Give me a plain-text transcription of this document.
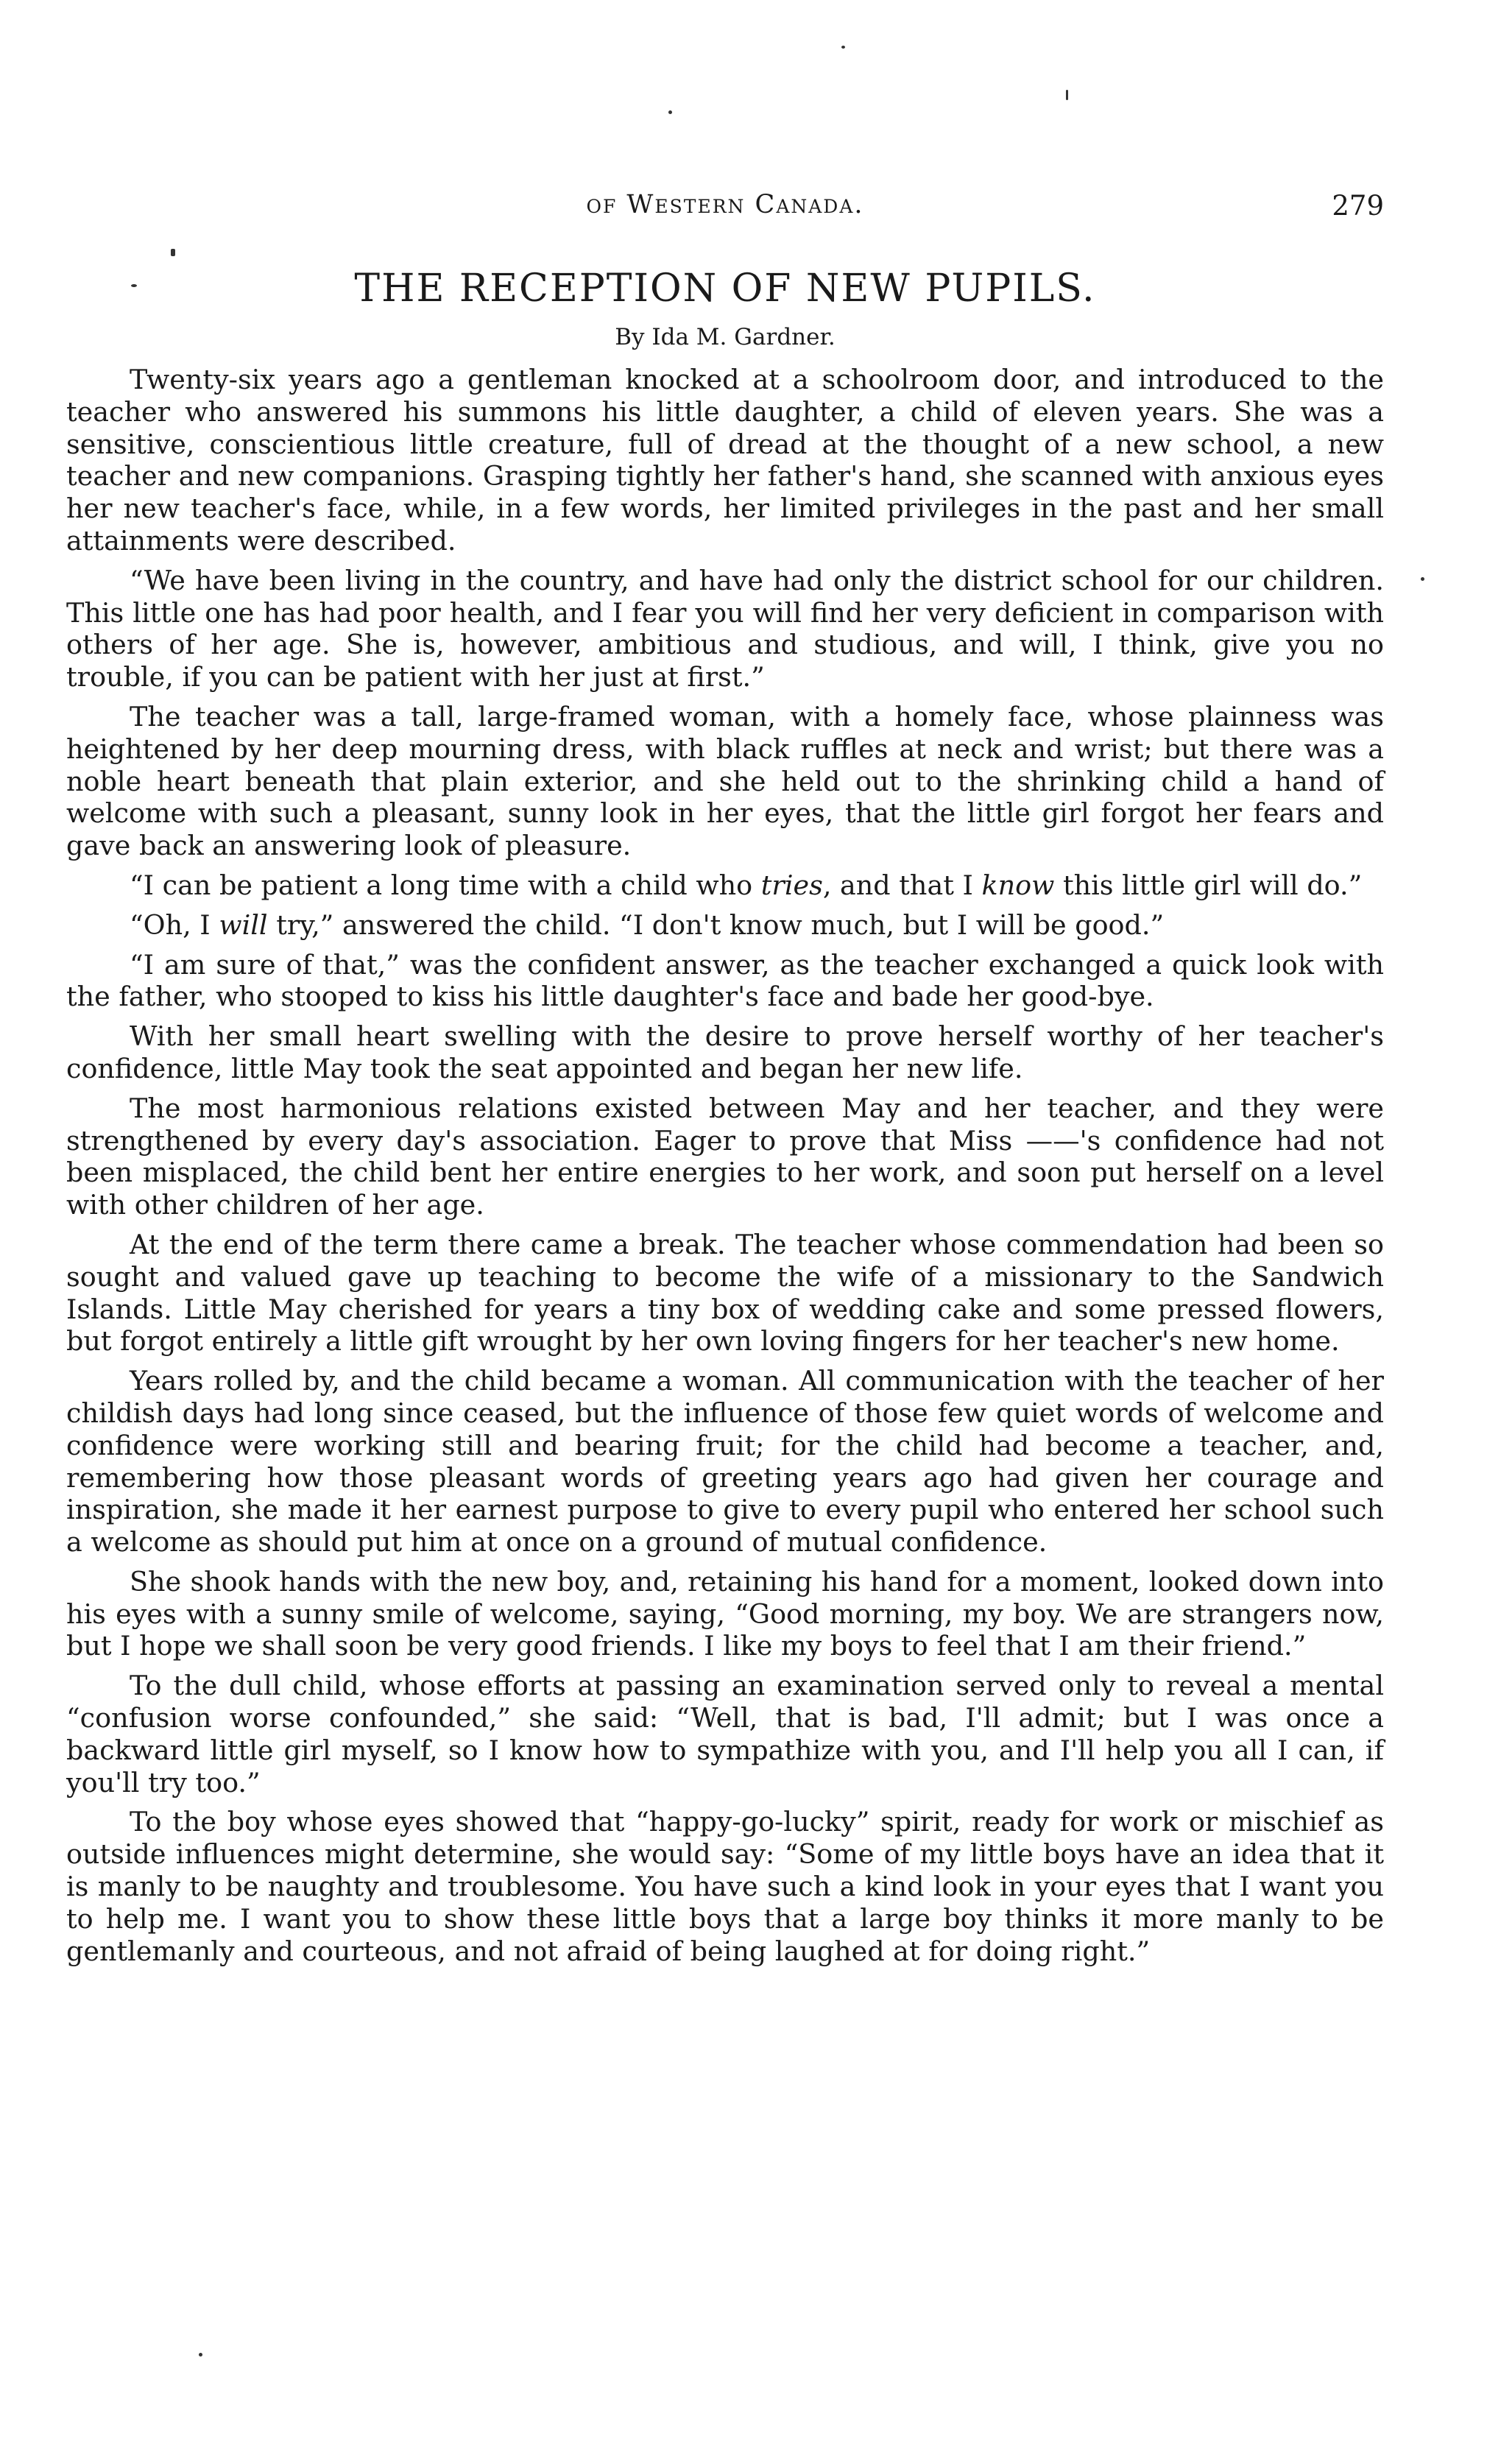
of Western Canada.	279
THE RECEPTION OF NEW PUPILS.
By Ida M. Gardner.

Twenty-six years ago a gentleman knocked at a schoolroom door, and introduced to the teacher who answered his summons his little daughter, a child of eleven years. She was a sensitive, conscientious little creature, full of dread at the thought of a new school, a new teacher and new companions. Grasping tightly her father's hand, she scanned with anxious eyes her new teacher's face, while, in a few words, her limited privileges in the past and her small attainments were described.

“We have been living in the country, and have had only the district school for our children. This little one has had poor health, and I fear you will find her very deficient in comparison with others of her age. She is, however, ambitious and studious, and will, I think, give you no trouble, if you can be patient with her just at first.”

The teacher was a tall, large-framed woman, with a homely face, whose plainness was heightened by her deep mourning dress, with black ruffles at neck and wrist; but there was a noble heart beneath that plain exterior, and she held out to the shrinking child a hand of welcome with such a pleasant, sunny look in her eyes, that the little girl forgot her fears and gave back an answering look of pleasure.

“I can be patient a long time with a child who tries, and that I know this little girl will do.”

“Oh, I will try,” answered the child. “I don't know much, but I will be good.”

“I am sure of that,” was the confident answer, as the teacher exchanged a quick look with the father, who stooped to kiss his little daughter's face and bade her good-bye.

With her small heart swelling with the desire to prove herself worthy of her teacher's confidence, little May took the seat appointed and began her new life.

The most harmonious relations existed between May and her teacher, and they were strengthened by every day's association. Eager to prove that Miss ——'s confidence had not been misplaced, the child bent her entire energies to her work, and soon put herself on a level with other children of her age.

At the end of the term there came a break. The teacher whose commendation had been so sought and valued gave up teaching to become the wife of a missionary to the Sandwich Islands. Little May cherished for years a tiny box of wedding cake and some pressed flowers, but forgot entirely a little gift wrought by her own loving fingers for her teacher's new home.

Years rolled by, and the child became a woman. All communication with the teacher of her childish days had long since ceased, but the influence of those few quiet words of welcome and confidence were working still and bearing fruit; for the child had become a teacher, and, remembering how those pleasant words of greeting years ago had given her courage and inspiration, she made it her earnest purpose to give to every pupil who entered her school such a welcome as should put him at once on a ground of mutual confidence.

She shook hands with the new boy, and, retaining his hand for a moment, looked down into his eyes with a sunny smile of welcome, saying, “Good morning, my boy. We are strangers now, but I hope we shall soon be very good friends. I like my boys to feel that I am their friend.”

To the dull child, whose efforts at passing an examination served only to reveal a mental “confusion worse confounded,” she said: “Well, that is bad, I'll admit; but I was once a backward little girl myself, so I know how to sympathize with you, and I'll help you all I can, if you'll try too.”

To the boy whose eyes showed that “happy-go-lucky” spirit, ready for work or mischief as outside influences might determine, she would say: “Some of my little boys have an idea that it is manly to be naughty and troublesome. You have such a kind look in your eyes that I want you to help me. I want you to show these little boys that a large boy thinks it more manly to be gentlemanly and courteous, and not afraid of being laughed at for doing right.”
